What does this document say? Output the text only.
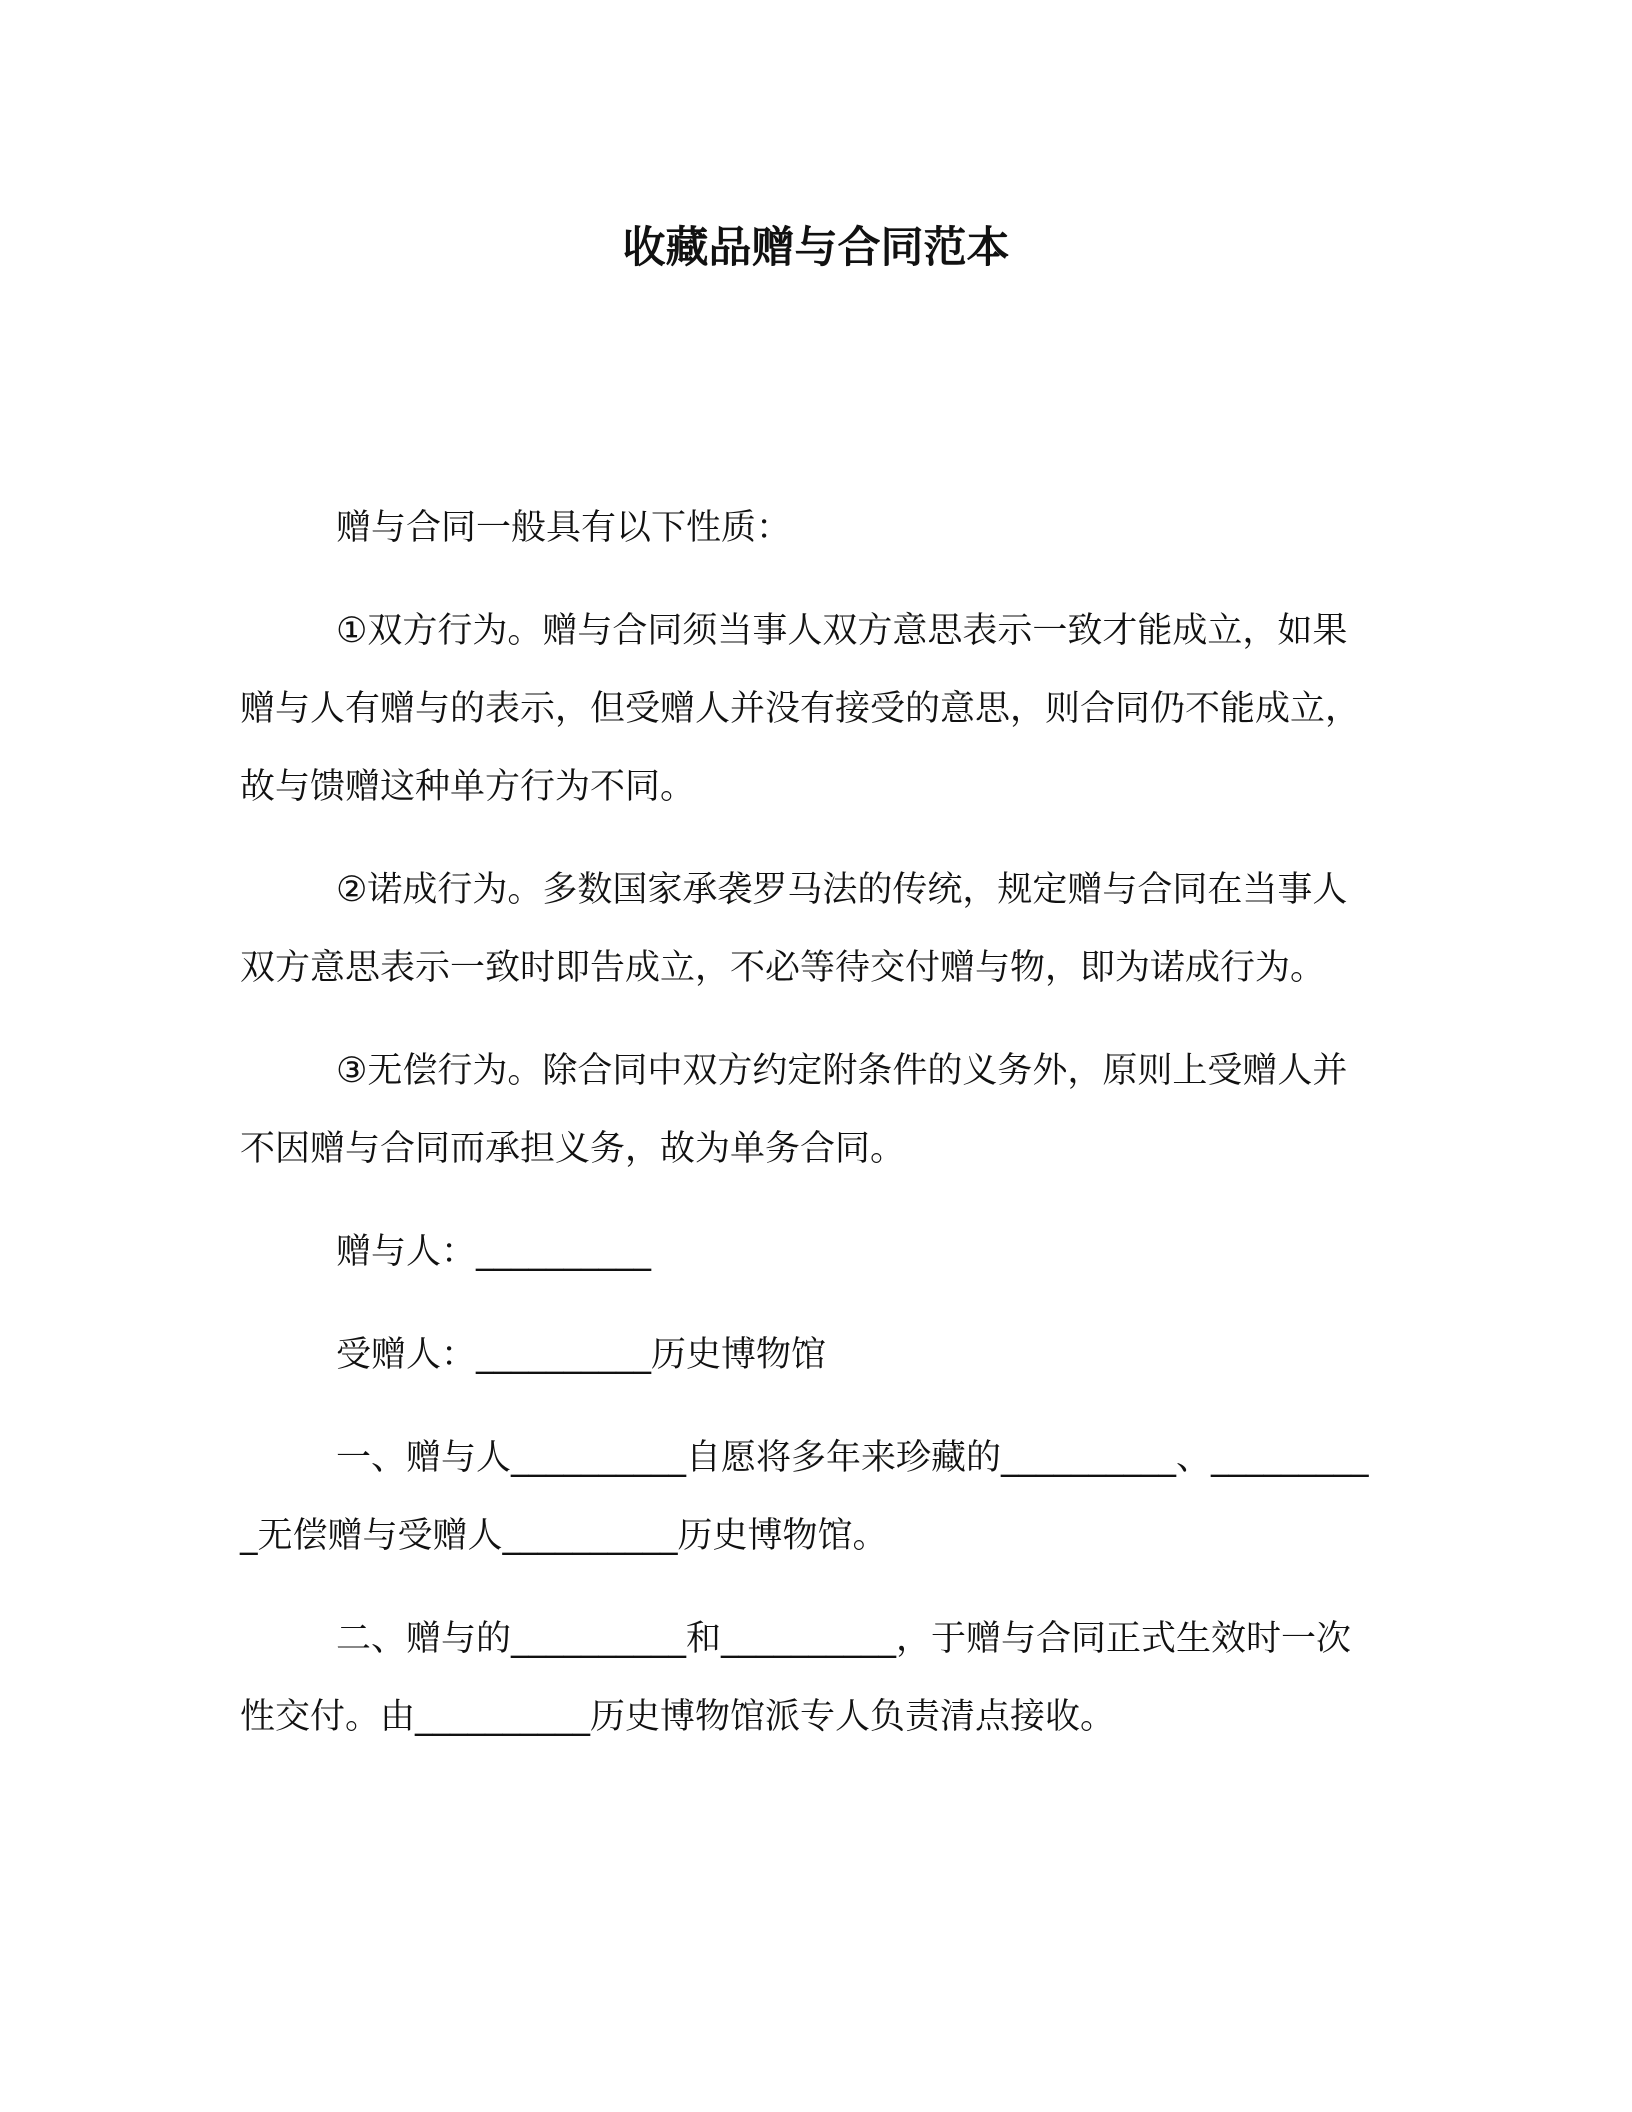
收藏品赠与合同范本

赠与合同一般具有以下性质：

①双方行为。赠与合同须当事人双方意思表示一致才能成立，如果赠与人有赠与的表示，但受赠人并没有接受的意思，则合同仍不能成立，故与馈赠这种单方行为不同。

②诺成行为。多数国家承袭罗马法的传统，规定赠与合同在当事人双方意思表示一致时即告成立，不必等待交付赠与物，即为诺成行为。

③无偿行为。除合同中双方约定附条件的义务外，原则上受赠人并不因赠与合同而承担义务，故为单务合同。

赠与人：__________

受赠人：__________历史博物馆

一、赠与人__________自愿将多年来珍藏的__________、__________无偿赠与受赠人__________历史博物馆。

二、赠与的__________和__________，于赠与合同正式生效时一次性交付。由__________历史博物馆派专人负责清点接收。
